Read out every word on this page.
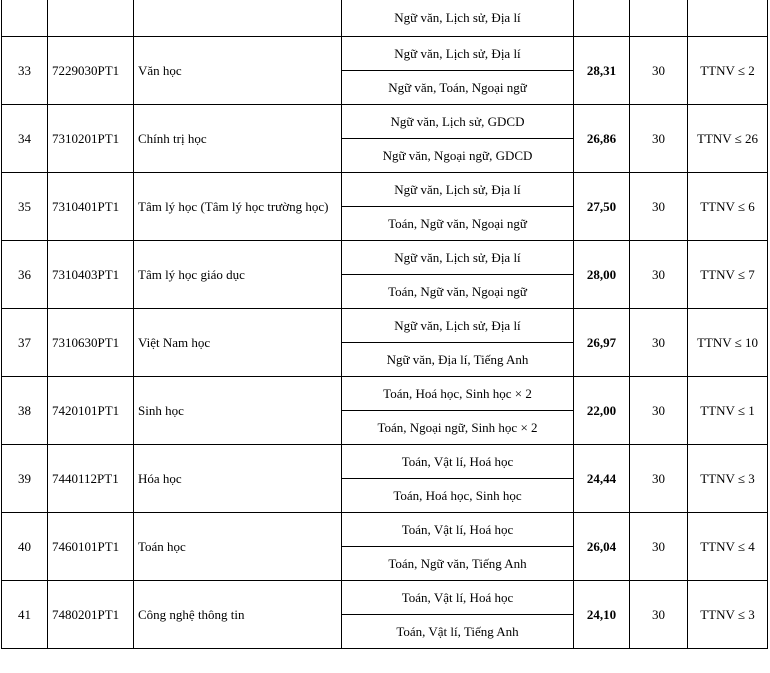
			Ngữ văn, Lịch sử, Địa lí			
33	7229030PT1	Văn học	Ngữ văn, Lịch sử, Địa lí	28,31	30	TTNV ≤ 2
			Ngữ văn, Toán, Ngoại ngữ			
34	7310201PT1	Chính trị học	Ngữ văn, Lịch sử, GDCD	26,86	30	TTNV ≤ 26
			Ngữ văn, Ngoại ngữ, GDCD			
35	7310401PT1	Tâm lý học (Tâm lý học trường học)	Ngữ văn, Lịch sử, Địa lí	27,50	30	TTNV ≤ 6
			Toán, Ngữ văn, Ngoại ngữ			
36	7310403PT1	Tâm lý học giáo dục	Ngữ văn, Lịch sử, Địa lí	28,00	30	TTNV ≤ 7
			Toán, Ngữ văn, Ngoại ngữ			
37	7310630PT1	Việt Nam học	Ngữ văn, Lịch sử, Địa lí	26,97	30	TTNV ≤ 10
			Ngữ văn, Địa lí, Tiếng Anh			
38	7420101PT1	Sinh học	Toán, Hoá học, Sinh học × 2	22,00	30	TTNV ≤ 1
			Toán, Ngoại ngữ, Sinh học × 2			
39	7440112PT1	Hóa học	Toán, Vật lí, Hoá học	24,44	30	TTNV ≤ 3
			Toán, Hoá học, Sinh học			
40	7460101PT1	Toán học	Toán, Vật lí, Hoá học	26,04	30	TTNV ≤ 4
			Toán, Ngữ văn, Tiếng Anh			
41	7480201PT1	Công nghệ thông tin	Toán, Vật lí, Hoá học	24,10	30	TTNV ≤ 3
			Toán, Vật lí, Tiếng Anh			
